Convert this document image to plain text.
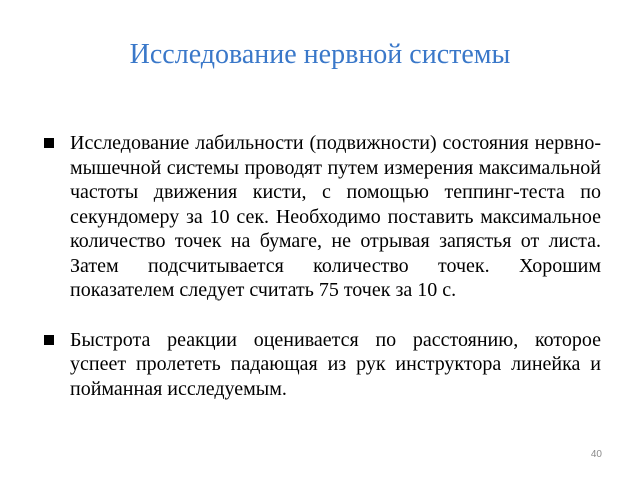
Исследование нервной системы
Исследование лабильности (подвижности) состояния нервно-мышечной системы проводят путем измерения максимальной частоты движения кисти, с помощью теппинг-теста по секундомеру за 10 сек. Необходимо поставить максимальное количество точек на бумаге, не отрывая запястья от листа. Затем подсчитывается количество точек. Хорошим показателем следует считать 75 точек за 10 с.
Быстрота реакции оценивается по расстоянию, которое успеет пролететь падающая из рук инструктора линейка и пойманная исследуемым.
40
